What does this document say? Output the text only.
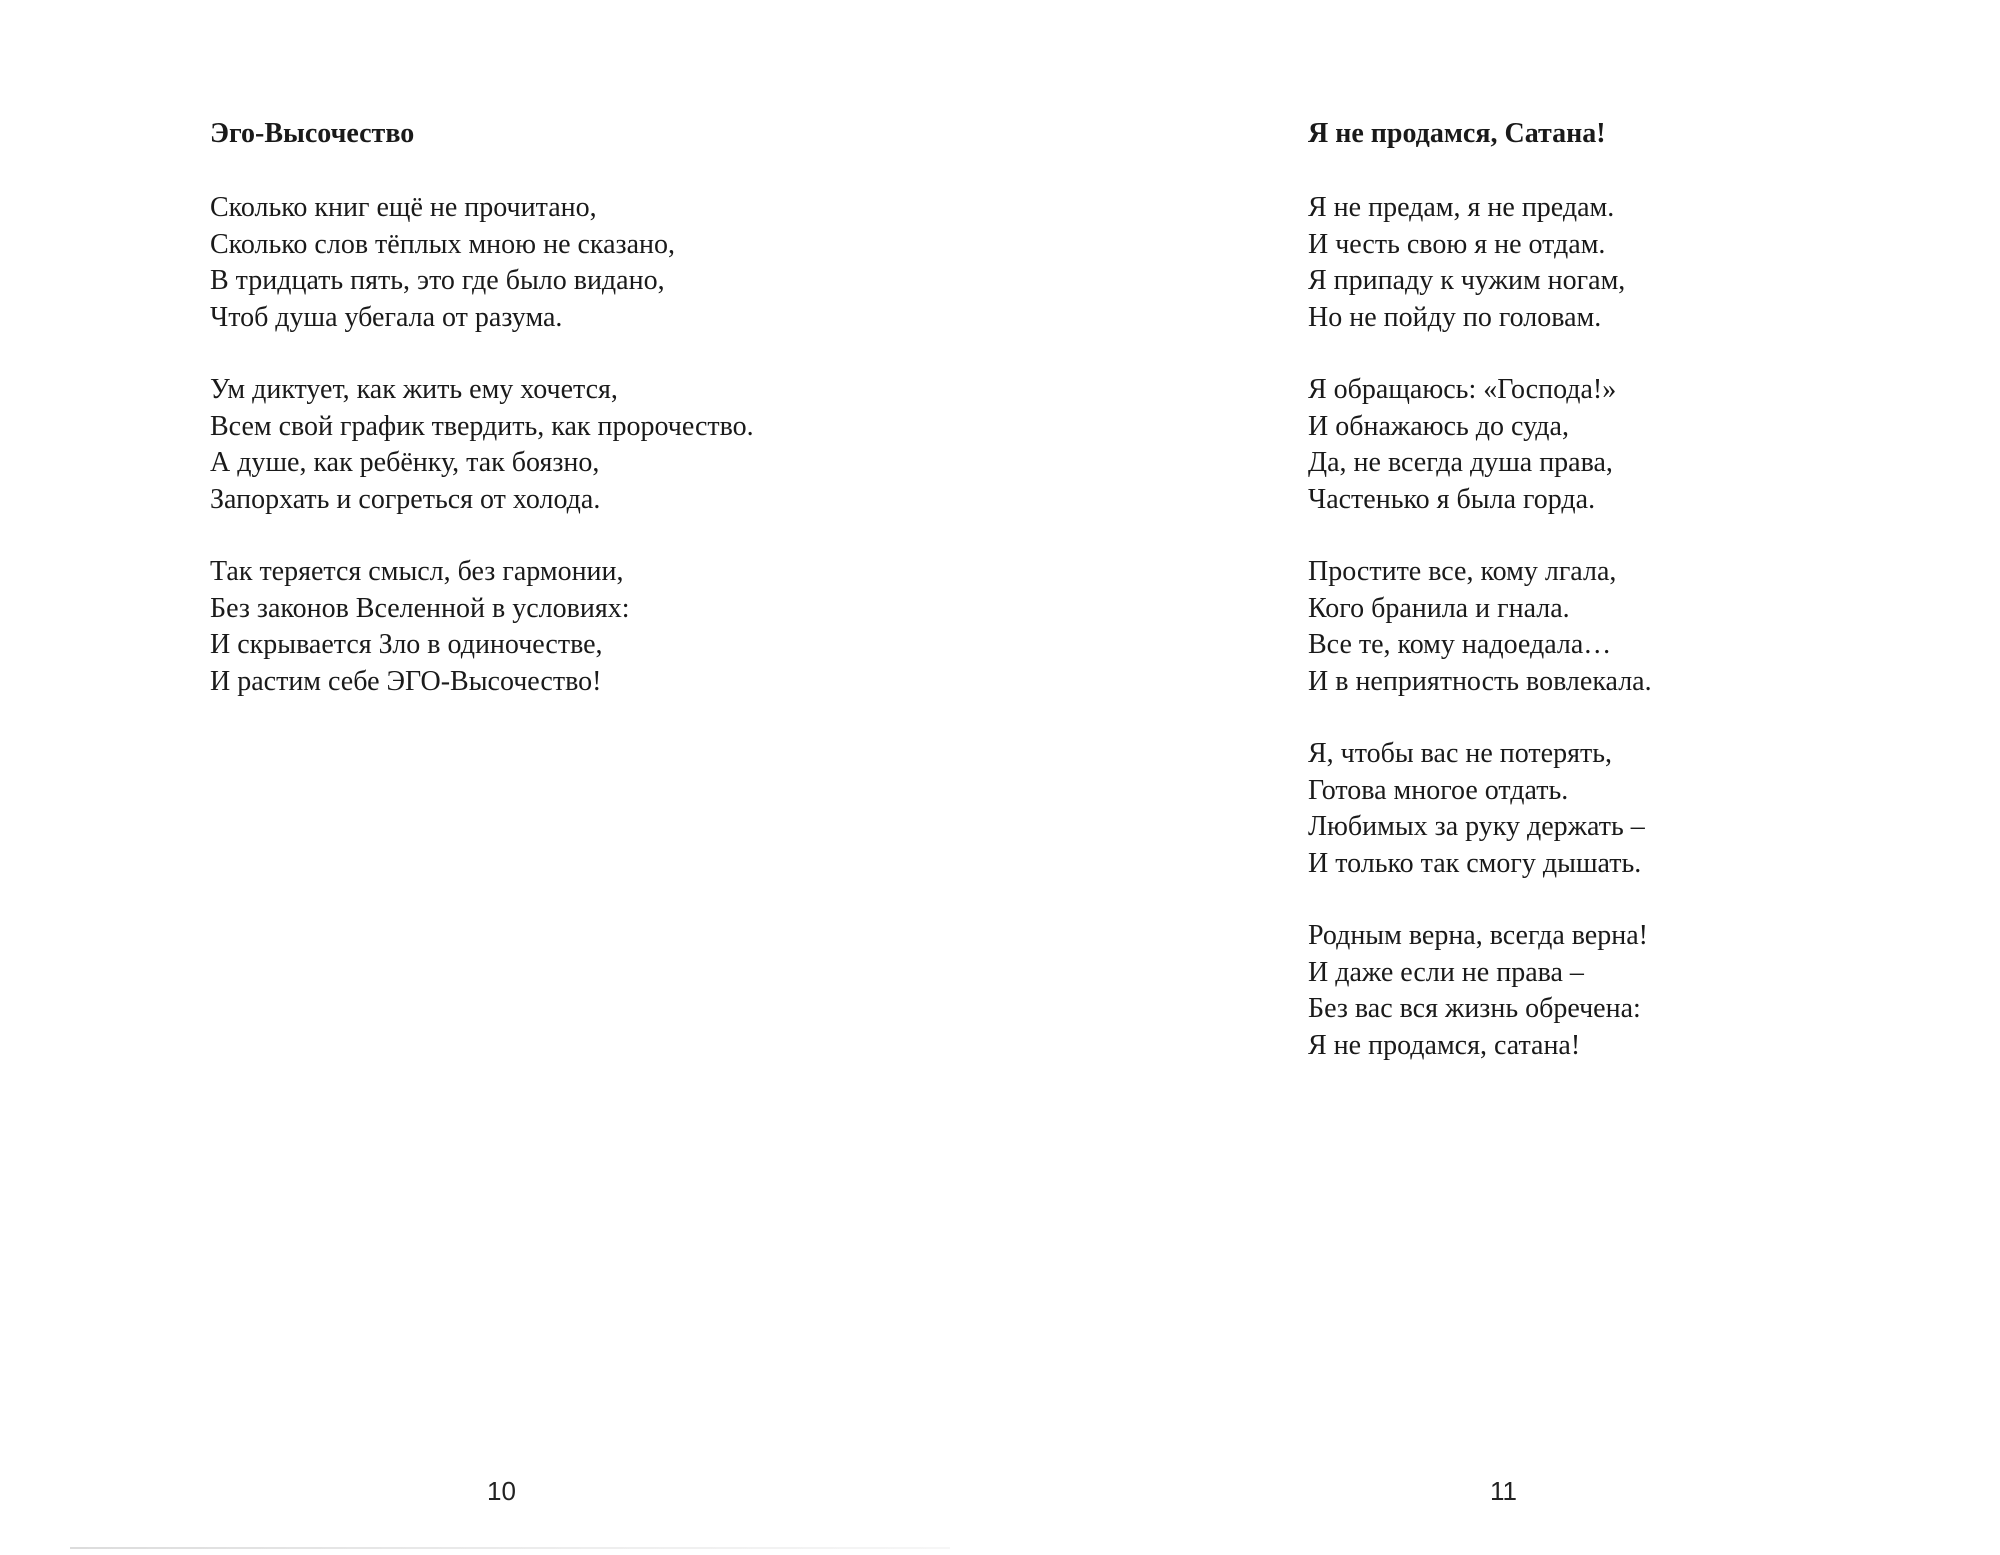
Эго-Высочество
Сколько книг ещё не прочитано,
Сколько слов тёплых мною не сказано,
В тридцать пять, это где было видано,
Чтоб душа убегала от разума.
Ум диктует, как жить ему хочется,
Всем свой график твердить, как пророчество.
А душе, как ребёнку, так боязно,
Запорхать и согреться от холода.
Так теряется смысл, без гармонии,
Без законов Вселенной в условиях:
И скрывается Зло в одиночестве,
И растим себе ЭГО-Высочество!
10
Я не продамся, Сатана!
Я не предам, я не предам.
И честь свою я не отдам.
Я припаду к чужим ногам,
Но не пойду по головам.
Я обращаюсь: «Господа!»
И обнажаюсь до суда,
Да, не всегда душа права,
Частенько я была горда.
Простите все, кому лгала,
Кого бранила и гнала.
Все те, кому надоедала…
И в неприятность вовлекала.
Я, чтобы вас не потерять,
Готова многое отдать.
Любимых за руку держать –
И только так смогу дышать.
Родным верна, всегда верна!
И даже если не права –
Без вас вся жизнь обречена:
Я не продамся, сатана!
11
